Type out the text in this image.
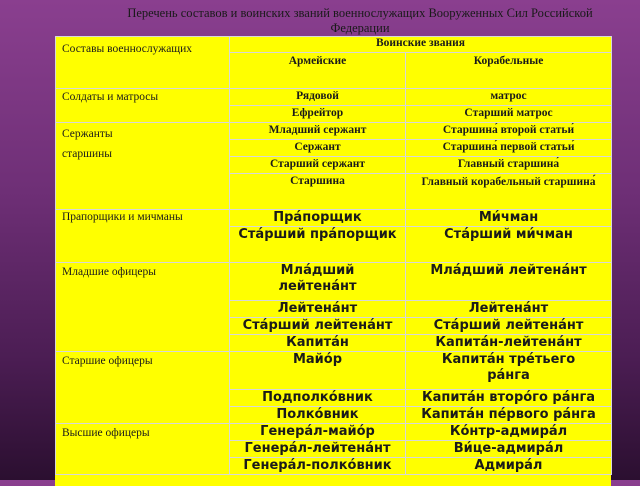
Перечень составов и воинских званий военнослужащих Вооруженных Сил Российской Федерации
Составы военнослужащих	Воинские звания	
	Армейские	Корабельные
Солдаты и матросы	Рядовой	матрос
	Ефрейтор	Старший матрос

Сержанты старшины	Младший сержант	Старшина́ второй статьи́
	Сержант	Старшина́ первой статьи́
	Старший сержант	Главный старшина́
	Старшина	Главный корабельный старшина́
Прапорщики и мичманы	Пра́порщик	Ми́чман
	Ста́рший пра́порщик	Ста́рший ми́чман
Младшие офицеры	Мла́дший лейтена́нт	Мла́дший лейтена́нт
	Лейтена́нт	Лейтена́нт
	Ста́рший лейтена́нт	Ста́рший лейтена́нт
	Капита́н	Капита́н-лейтена́нт
Старшие офицеры	Майо́р	Капита́н тре́тьего ра́нга
	Подполко́вник	Капита́н второ́го ра́нга
	Полко́вник	Капита́н пе́рвого ра́нга
Высшие офицеры	Генера́л-майо́р	Ко́нтр-адмира́л
	Генера́л-лейтена́нт	Ви́це-адмира́л
	Генера́л-полко́вник	Адмира́л
